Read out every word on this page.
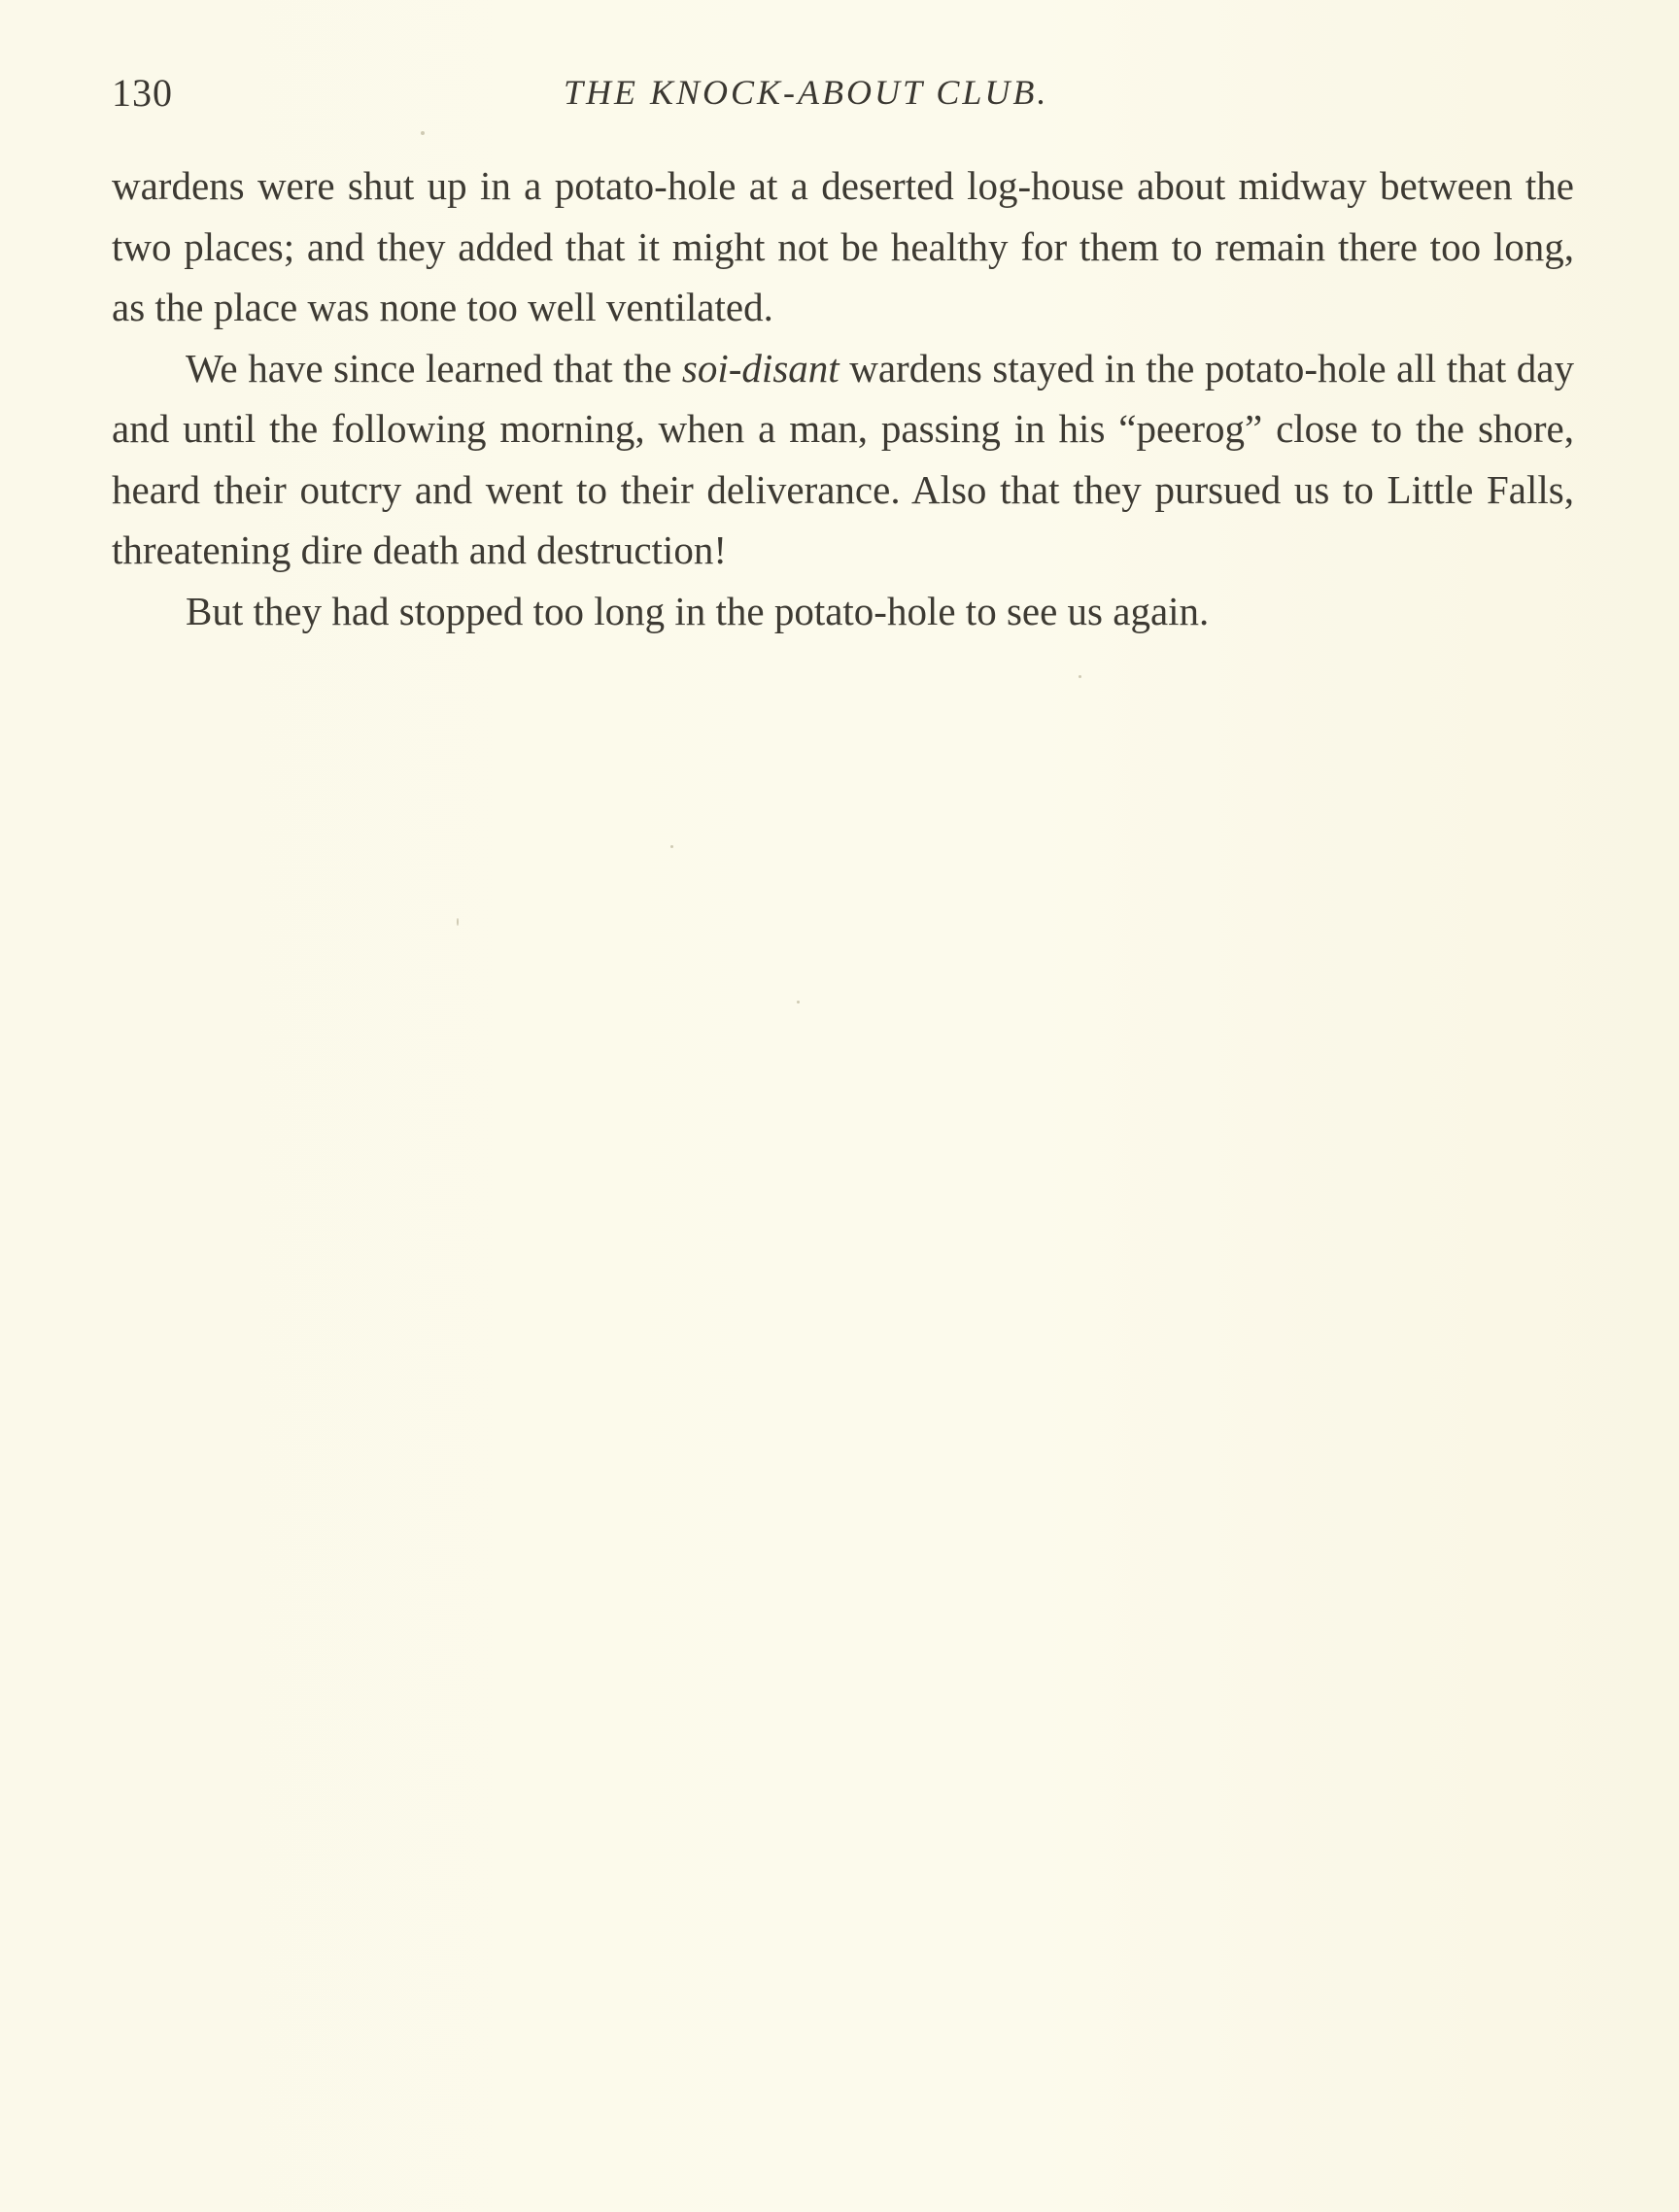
130	THE KNOCK-ABOUT CLUB.

wardens were shut up in a potato-hole at a deserted log-house about midway between the two places; and they added that it might not be healthy for them to remain there too long, as the place was none too well ventilated.

We have since learned that the soi-disant wardens stayed in the potato-hole all that day and until the following morning, when a man, passing in his “peerog” close to the shore, heard their outcry and went to their deliverance. Also that they pursued us to Little Falls, threatening dire death and destruction!

But they had stopped too long in the potato-hole to see us again.
